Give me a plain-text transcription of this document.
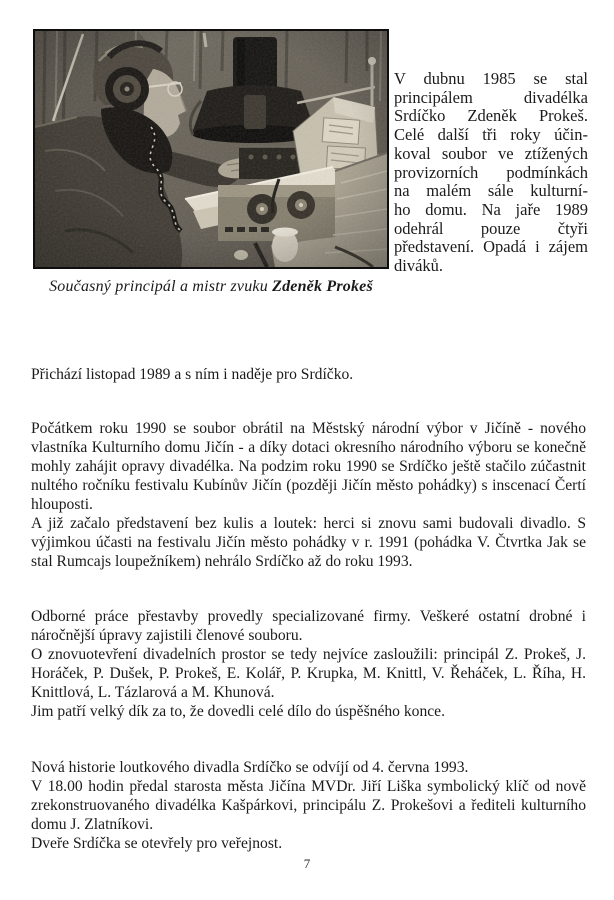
Současný principál a mistr zvuku Zdeněk Prokeš
V dubnu 1985 se stal
principálem divadélka
Srdíčko Zdeněk Prokeš.
Celé další tři roky účin-
koval soubor ve ztížených
provizorních podmínkách
na malém sále kulturní-
ho domu. Na jaře 1989
odehrál pouze čtyři
představení. Opadá i zájem
diváků.

Přichází listopad 1989 a s ním i naděje pro Srdíčko.

Počátkem roku 1990 se soubor obrátil na Městský národní výbor v Jičíně - nového vlastníka Kulturního domu Jičín - a díky dotaci okresního národního výboru se konečně mohly zahájit opravy divadélka. Na podzim roku 1990 se Srdíčko ještě stačilo zúčastnit nultého ročníku festivalu Kubínův Jičín (později Jičín město pohádky) s inscenací Čertí hlouposti.
A již začalo představení bez kulis a loutek: herci si znovu sami budovali divadlo. S výjimkou účasti na festivalu Jičín město pohádky v r. 1991 (pohádka V. Čtvrtka Jak se stal Rumcajs loupežníkem) nehrálo Srdíčko až do roku 1993.
Odborné práce přestavby provedly specializované firmy. Veškeré ostatní drobné i náročnější úpravy zajistili členové souboru.
O znovuotevření divadelních prostor se tedy nejvíce zasloužili: principál Z. Prokeš, J. Horáček, P. Dušek, P. Prokeš, E. Kolář, P. Krupka, M. Knittl, V. Řeháček, L. Říha, H. Knittlová, L. Tázlarová a M. Khunová.
Jim patří velký dík za to, že dovedli celé dílo do úspěšného konce.
Nová historie loutkového divadla Srdíčko se odvíjí od 4. června 1993.
V 18.00 hodin předal starosta města Jičína MVDr. Jiří Liška symbolický klíč od nově zrekonstruovaného divadélka Kašpárkovi, principálu Z. Prokešovi a řediteli kulturního domu J. Zlatníkovi.
Dveře Srdíčka se otevřely pro veřejnost.
7
